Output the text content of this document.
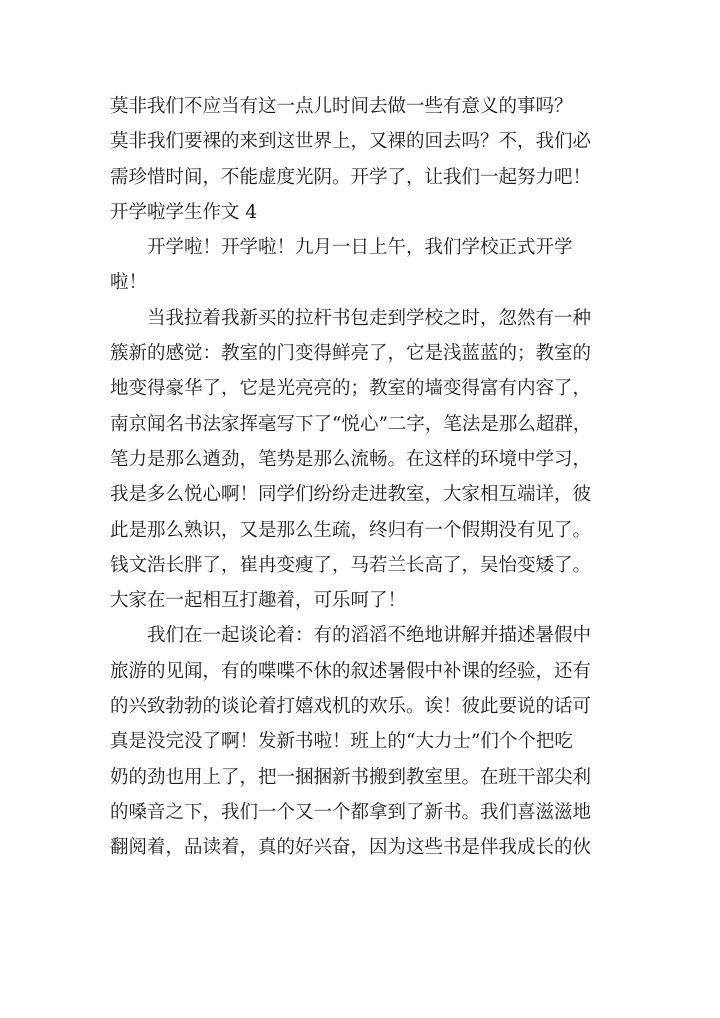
莫非我们不应当有这一点儿时间去做一些有意义的事吗？
莫非我们要裸的来到这世界上，又裸的回去吗？不，我们必
需珍惜时间，不能虚度光阴。开学了，让我们一起努力吧！
开学啦学生作文 4
开学啦！开学啦！九月一日上午，我们学校正式开学
啦！
当我拉着我新买的拉杆书包走到学校之时，忽然有一种
簇新的感觉：教室的门变得鲜亮了，它是浅蓝蓝的；教室的
地变得豪华了，它是光亮亮的；教室的墙变得富有内容了，
南京闻名书法家挥毫写下了“悦心”二字，笔法是那么超群，
笔力是那么遒劲，笔势是那么流畅。在这样的环境中学习，
我是多么悦心啊！同学们纷纷走进教室，大家相互端详，彼
此是那么熟识，又是那么生疏，终归有一个假期没有见了。
钱文浩长胖了，崔冉变瘦了，马若兰长高了，吴怡变矮了。
大家在一起相互打趣着，可乐呵了！
我们在一起谈论着：有的滔滔不绝地讲解并描述暑假中
旅游的见闻，有的喋喋不休的叙述暑假中补课的经验，还有
的兴致勃勃的谈论着打嬉戏机的欢乐。诶！彼此要说的话可
真是没完没了啊！发新书啦！班上的“大力士”们个个把吃
奶的劲也用上了，把一捆捆新书搬到教室里。在班干部尖利
的嗓音之下，我们一个又一个都拿到了新书。我们喜滋滋地
翻阅着，品读着，真的好兴奋，因为这些书是伴我成长的伙
